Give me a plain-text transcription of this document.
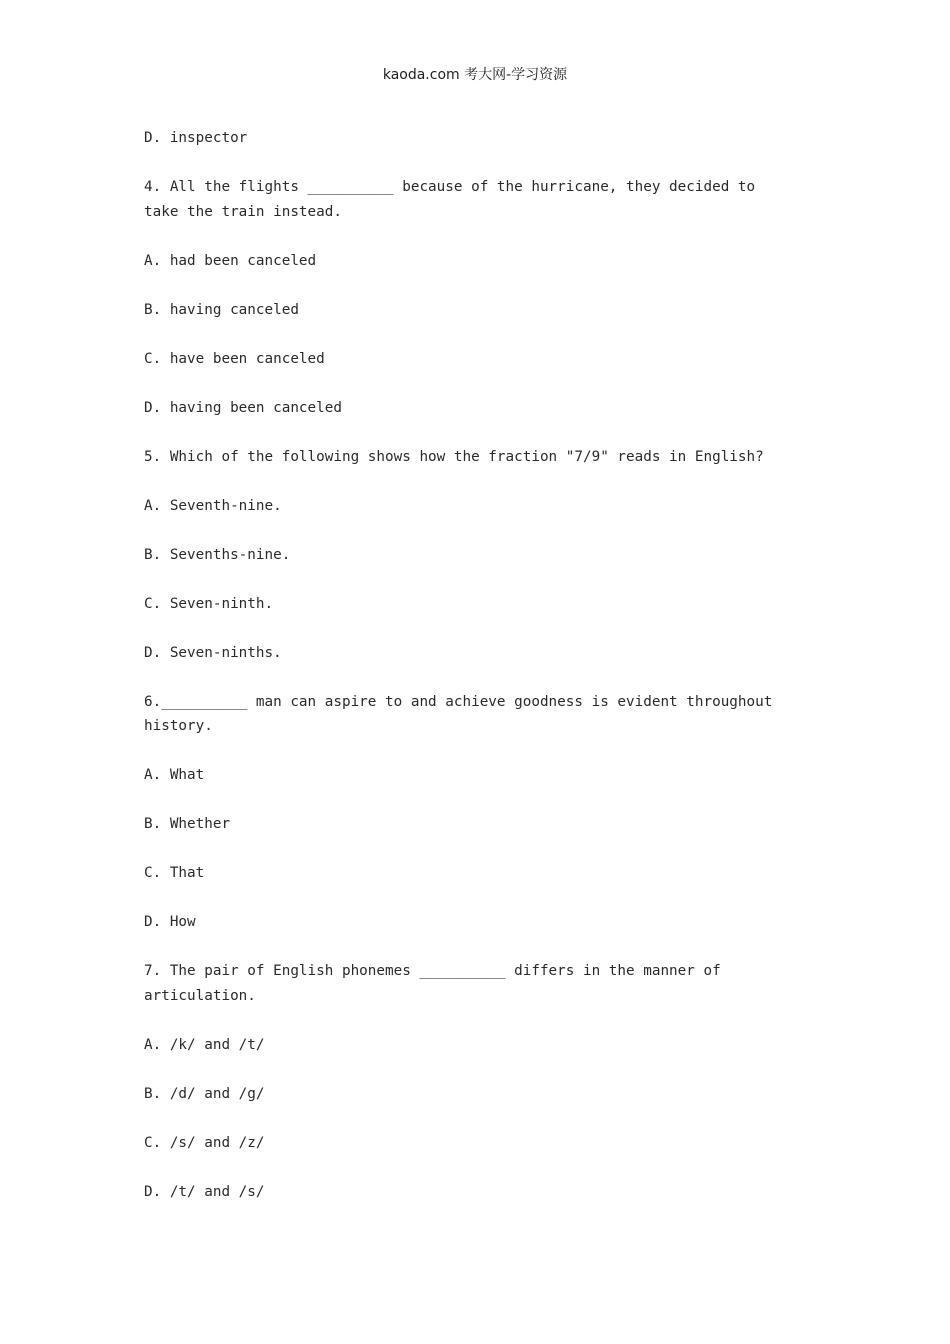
kaoda.com 考大网-学习资源
D. inspector
4. All the flights __________ because of the hurricane, they decided to take the train instead.
A. had been canceled
B. having canceled
C. have been canceled
D. having been canceled
5. Which of the following shows how the fraction "7/9" reads in English?
A. Seventh-nine.
B. Sevenths-nine.
C. Seven-ninth.
D. Seven-ninths.
6.__________ man can aspire to and achieve goodness is evident throughout history.
A. What
B. Whether
C. That
D. How
7. The pair of English phonemes __________ differs in the manner of articulation.
A. /k/ and /t/
B. /d/ and /g/
C. /s/ and /z/
D. /t/ and /s/
